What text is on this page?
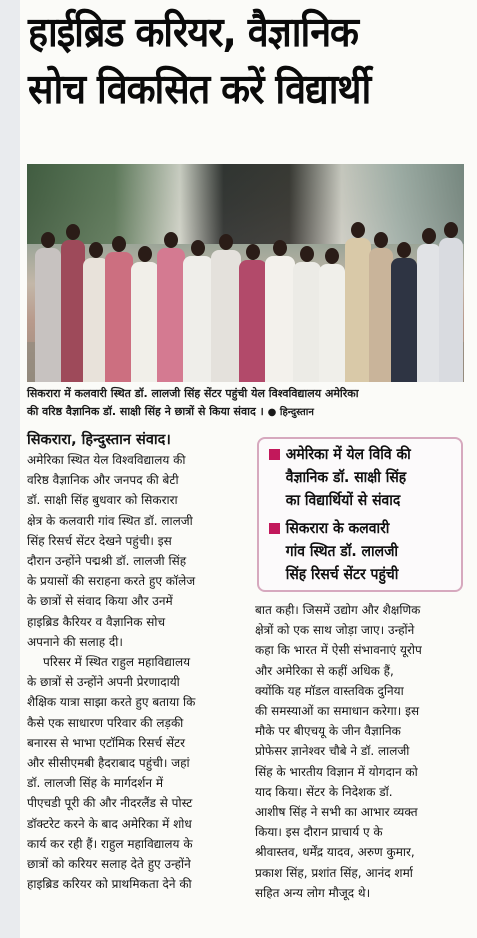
हाईब्रिड करियर, वैज्ञानिक
सोच विकसित करें विद्यार्थी
सिकरारा में कलवारी स्थित डॉ. लालजी सिंह सेंटर पहुंची येल विश्वविद्यालय अमेरिका
की वरिष्ठ वैज्ञानिक डॉ. साक्षी सिंह ने छात्रों से किया संवाद । ● हिन्दुस्तान
सिकरारा, हिन्दुस्तान संवाद।
अमेरिका स्थित येल विश्वविद्यालय की
वरिष्ठ वैज्ञानिक और जनपद की बेटी
डॉ. साक्षी सिंह बुधवार को सिकरारा
क्षेत्र के कलवारी गांव स्थित डॉ. लालजी
सिंह रिसर्च सेंटर देखने पहुंची। इस
दौरान उन्होंने पद्मश्री डॉ. लालजी सिंह
के प्रयासों की सराहना करते हुए कॉलेज
के छात्रों से संवाद किया और उनमें
हाइब्रिड कैरियर व वैज्ञानिक सोच
अपनाने की सलाह दी।
परिसर में स्थित राहुल महाविद्यालय
के छात्रों से उन्होंने अपनी प्रेरणादायी
शैक्षिक यात्रा साझा करते हुए बताया कि
कैसे एक साधारण परिवार की लड़की
बनारस से भाभा एटॉमिक रिसर्च सेंटर
और सीसीएमबी हैदराबाद पहुंची। जहां
डॉ. लालजी सिंह के मार्गदर्शन में
पीएचडी पूरी की और नीदरलैंड से पोस्ट
डॉक्टरेट करने के बाद अमेरिका में शोध
कार्य कर रही हैं। राहुल महाविद्यालय के
छात्रों को करियर सलाह देते हुए उन्होंने
हाइब्रिड करियर को प्राथमिकता देने की
अमेरिका में येल विवि की
वैज्ञानिक डॉ. साक्षी सिंह
का विद्यार्थियों से संवाद
सिकरारा के कलवारी
गांव स्थित डॉ. लालजी
सिंह रिसर्च सेंटर पहुंची
बात कही। जिसमें उद्योग और शैक्षणिक
क्षेत्रों को एक साथ जोड़ा जाए। उन्होंने
कहा कि भारत में ऐसी संभावनाएं यूरोप
और अमेरिका से कहीं अधिक हैं,
क्योंकि यह मॉडल वास्तविक दुनिया
की समस्याओं का समाधान करेगा। इस
मौके पर बीएचयू के जीन वैज्ञानिक
प्रोफेसर ज्ञानेश्वर चौबे ने डॉ. लालजी
सिंह के भारतीय विज्ञान में योगदान को
याद किया। सेंटर के निदेशक डॉ.
आशीष सिंह ने सभी का आभार व्यक्त
किया। इस दौरान प्राचार्य ए के
श्रीवास्तव, धर्मेंद्र यादव, अरुण कुमार,
प्रकाश सिंह, प्रशांत सिंह, आनंद शर्मा
सहित अन्य लोग मौजूद थे।
